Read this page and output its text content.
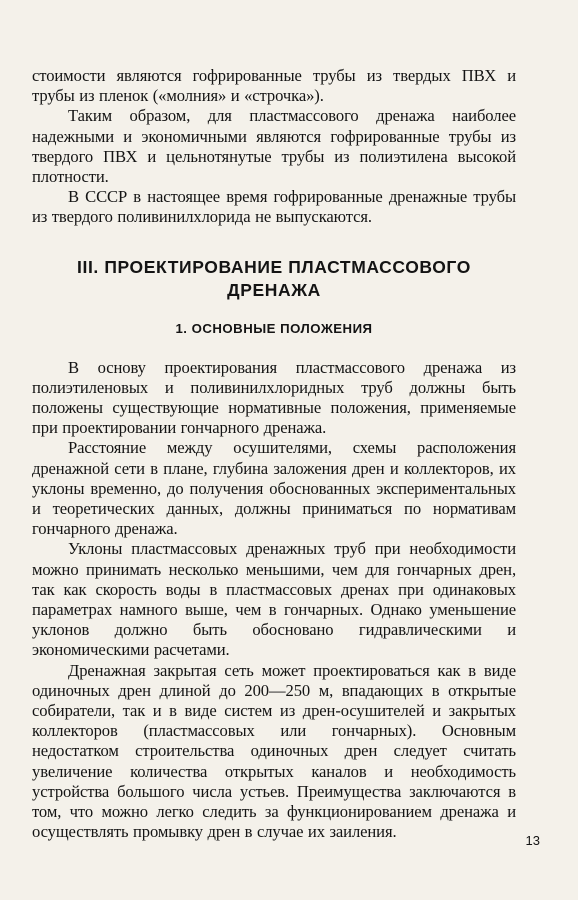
стоимости являются гофрированные трубы из твердых ПВХ и трубы из пленок («молния» и «строчка»).

Таким образом, для пластмассового дренажа наиболее надежными и экономичными являются гофрированные трубы из твердого ПВХ и цельнотянутые трубы из полиэтилена высокой плотности.

В СССР в настоящее время гофрированные дренажные трубы из твердого поливинилхлорида не выпускаются.

III. ПРОЕКТИРОВАНИЕ ПЛАСТМАССОВОГО
ДРЕНАЖА
1. ОСНОВНЫЕ ПОЛОЖЕНИЯ

В основу проектирования пластмассового дренажа из полиэтиленовых и поливинилхлоридных труб должны быть положены существующие нормативные положения, применяемые при проектировании гончарного дренажа.

Расстояние между осушителями, схемы расположения дренажной сети в плане, глубина заложения дрен и коллекторов, их уклоны временно, до получения обоснованных экспериментальных и теоретических данных, должны приниматься по нормативам гончарного дренажа.

Уклоны пластмассовых дренажных труб при необходимости можно принимать несколько меньшими, чем для гончарных дрен, так как скорость воды в пластмассовых дренах при одинаковых параметрах намного выше, чем в гончарных. Однако уменьшение уклонов должно быть обосновано гидравлическими и экономическими расчетами.

Дренажная закрытая сеть может проектироваться как в виде одиночных дрен длиной до 200—250 м, впадающих в открытые собиратели, так и в виде систем из дрен-осушителей и закрытых коллекторов (пластмассовых или гончарных). Основным недостатком строительства одиночных дрен следует считать увеличение количества открытых каналов и необходимость устройства большого числа устьев. Преимущества заключаются в том, что можно легко следить за функционированием дренажа и осуществлять промывку дрен в случае их заиления.	13
